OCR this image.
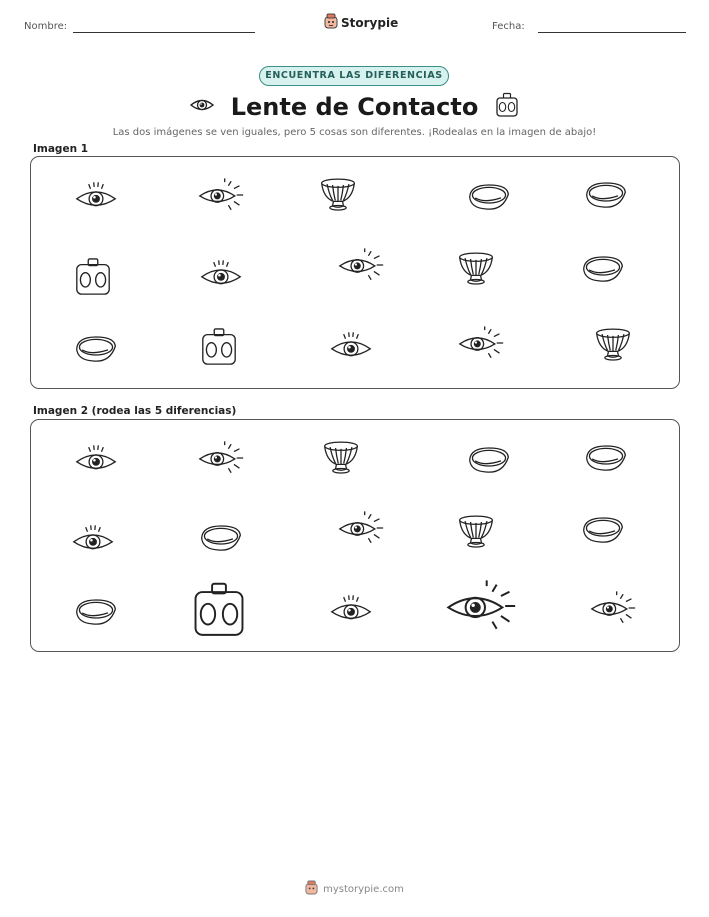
Nombre:	Storypie	Fecha:
ENCUENTRA LAS DIFERENCIAS
Lente de Contacto
Las dos imágenes se ven iguales, pero 5 cosas son diferentes. ¡Rodealas en la imagen de abajo!
Imagen 1
Imagen 2 (rodea las 5 diferencias)
mystorypie.com
